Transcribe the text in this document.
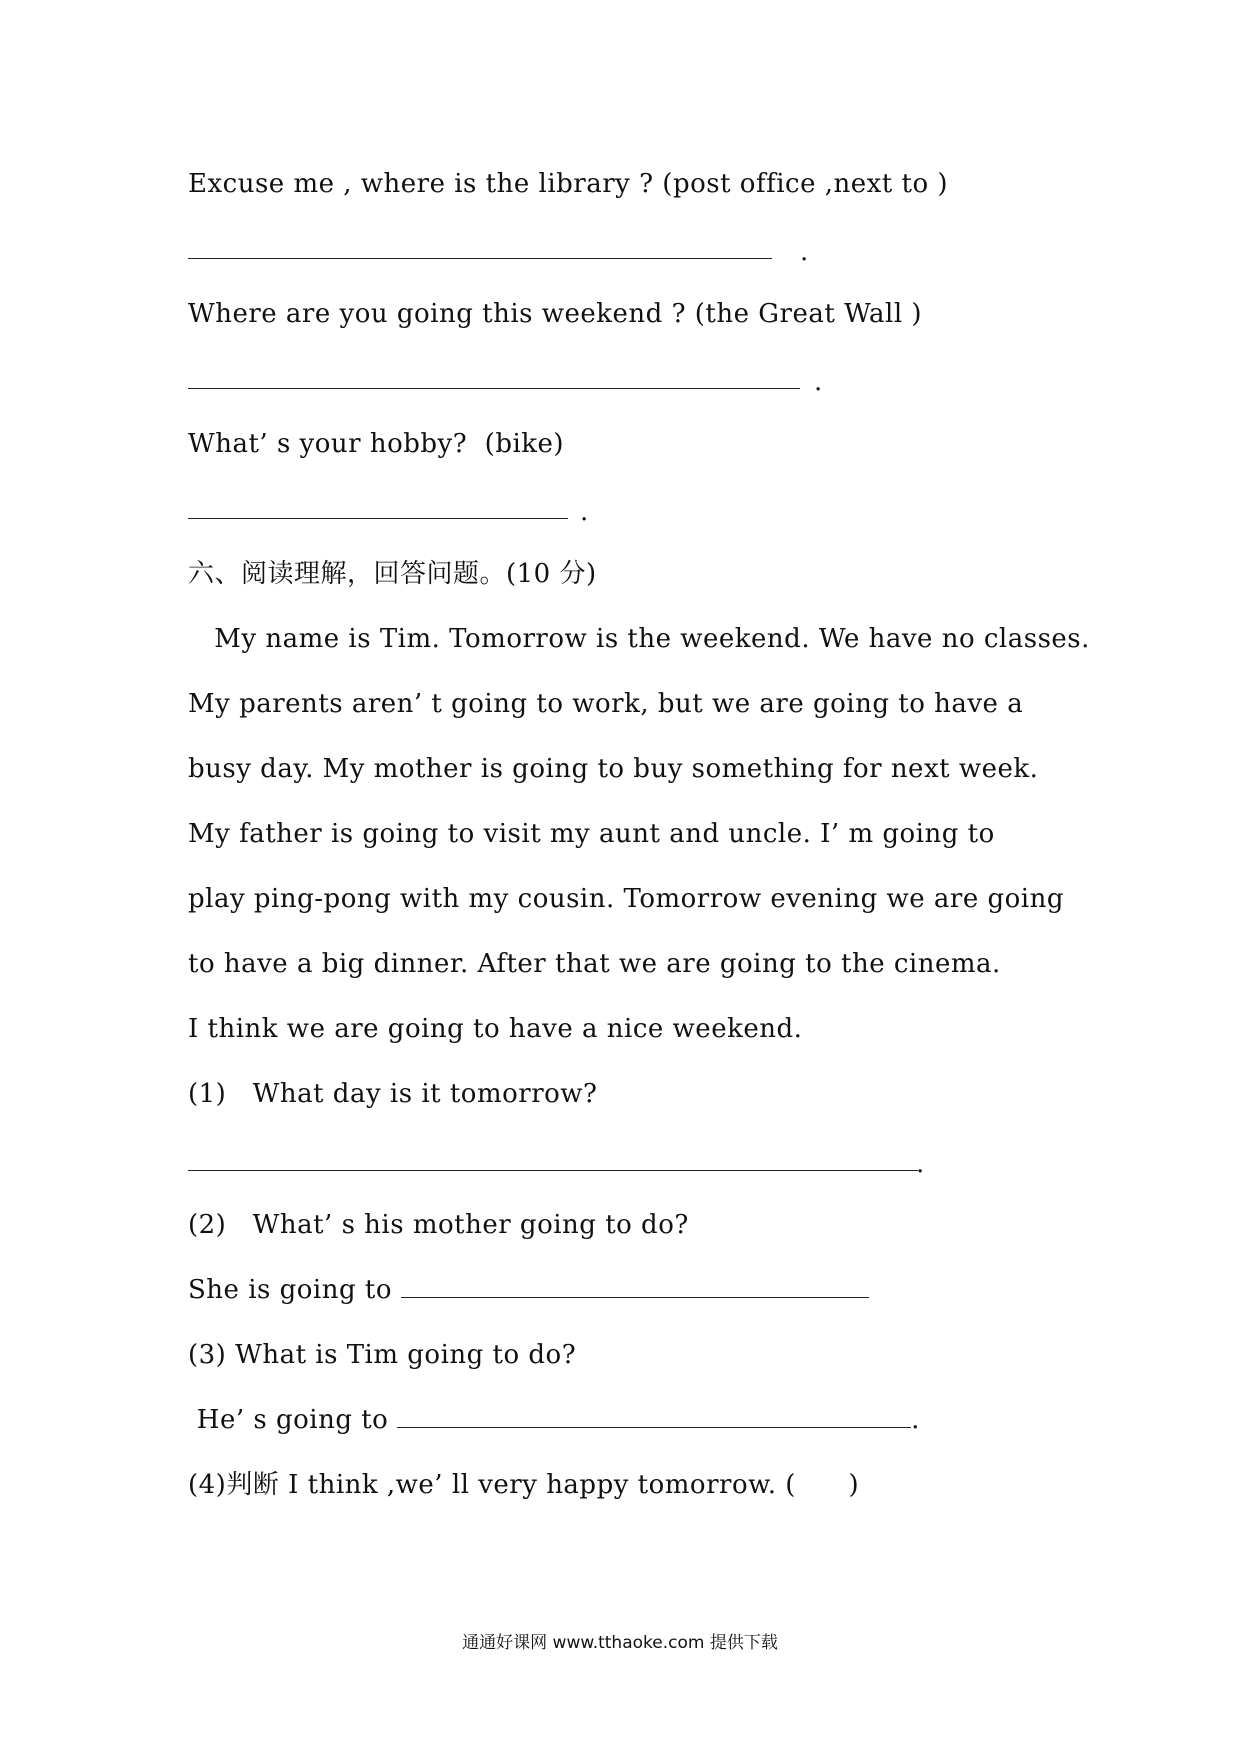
Excuse me , where is the library ? (post office ,next to )
.
Where are you going this weekend ? (the Great Wall )
.
What’ s your hobby?  (bike)
.
六、阅读理解，回答问题。(10 分)
My name is Tim. Tomorrow is the weekend. We have no classes.
My parents aren’ t going to work, but we are going to have a
busy day. My mother is going to buy something for next week.
My father is going to visit my aunt and uncle. I’ m going to
play ping-pong with my cousin. Tomorrow evening we are going
to have a big dinner. After that we are going to the cinema.
I think we are going to have a nice weekend.
(1)   What day is it tomorrow?
.
(2)   What’ s his mother going to do?
She is going to
(3) What is Tim going to do?
He’ s going to	.
(4)判断 I think ,we’ ll very happy tomorrow. (      )
通通好课网 www.tthaoke.com 提供下载
